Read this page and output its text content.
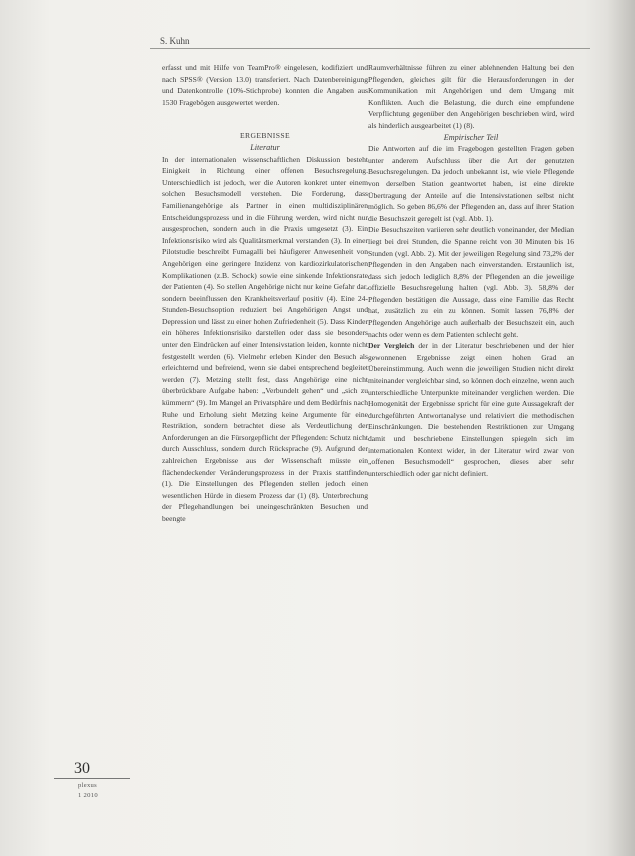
S. Kuhn

erfasst und mit Hilfe von TeamPro® eingelesen, kodifiziert und nach SPSS® (Version 13.0) transferiert. Nach Datenbereinigung und Datenkontrolle (10%-Stichprobe) konnten die Angaben aus 1530 Fragebögen ausgewertet werden.

ERGEBNISSE

Literatur

In der internationalen wissenschaftlichen Diskussion besteht Einigkeit in Richtung einer offenen Besuchsregelung. Unterschiedlich ist jedoch, wer die Autoren konkret unter einem solchen Besuchsmodell verstehen. Die Forderung, dass Familienangehörige als Partner in einen multidisziplinären Entscheidungsprozess und in die Führung werden, wird nicht nur ausgesprochen, sondern auch in die Praxis umgesetzt (3). Ein Infektionsrisiko wird als Qualitätsmerkmal verstanden (3). In einer Pilotstudie beschreibt Fumagalli bei häufigerer Anwesenheit von Angehörigen eine geringere Inzidenz von kardiozirkulatorischen Komplikationen (z.B. Schock) sowie eine sinkende Infektionsrate der Patienten (4). So stellen Angehörige nicht nur keine Gefahr dar, sondern beeinflussen den Krankheitsverlauf positiv (4). Eine 24-Stunden-Besuchsoption reduziert bei Angehörigen Angst und Depression und lässt zu einer hohen Zufriedenheit (5). Dass Kinder ein höheres Infektionsrisiko darstellen oder dass sie besonders unter den Eindrücken auf einer Intensivstation leiden, konnte nicht festgestellt werden (6). Vielmehr erleben Kinder den Besuch als erleichternd und befreiend, wenn sie dabei entsprechend begleitet werden (7). Metzing stellt fest, dass Angehörige eine nicht überbrückbare Aufgabe haben: „Verbundelt gehen“ und „sich zu kümmern“ (9). Im Mangel an Privatsphäre und dem Bedürfnis nach Ruhe und Erholung sieht Metzing keine Argumente für eine Restriktion, sondern betrachtet diese als Verdeutlichung der Anforderungen an die Fürsorgepflicht der Pflegenden: Schutz nicht durch Ausschluss, sondern durch Rücksprache (9). Aufgrund der zahlreichen Ergebnisse aus der Wissenschaft müsste ein flächendeckender Veränderungsprozess in der Praxis stattfinden (1). Die Einstellungen des Pflegenden stellen jedoch einen wesentlichen Hürde in diesem Prozess dar (1) (8). Unterbrechung der Pflegehandlungen bei uneingeschränkten Besuchen und beengte

Raumverhältnisse führen zu einer ablehnenden Haltung bei den Pflegenden, gleiches gilt für die Herausforderungen in der Kommunikation mit Angehörigen und dem Umgang mit Konflikten. Auch die Belastung, die durch eine empfundene Verpflichtung gegenüber den Angehörigen beschrieben wird, wird als hinderlich ausgearbeitet (1) (8).

Empirischer Teil

Die Antworten auf die im Fragebogen gestellten Fragen geben unter anderem Aufschluss über die Art der genutzten Besuchsregelungen. Da jedoch unbekannt ist, wie viele Pflegende von derselben Station geantwortet haben, ist eine direkte Übertragung der Anteile auf die Intensivstationen selbst nicht möglich. So geben 86,6% der Pflegenden an, dass auf ihrer Station die Besuchszeit geregelt ist (vgl. Abb. 1).

Die Besuchszeiten variieren sehr deutlich voneinander, der Median liegt bei drei Stunden, die Spanne reicht von 30 Minuten bis 16 Stunden (vgl. Abb. 2). Mit der jeweiligen Regelung sind 73,2% der Pflegenden in den Angaben nach einverstanden. Erstaunlich ist, dass sich jedoch lediglich 8,8% der Pflegenden an die jeweilige offizielle Besuchsregelung halten (vgl. Abb. 3). 58,8% der Pflegenden bestätigen die Aussage, dass eine Familie das Recht hat, zusätzlich zu ein zu können. Somit lassen 76,8% der Pflegenden Angehörige auch außerhalb der Besuchszeit ein, auch nachts oder wenn es dem Patienten schlecht geht.

Der Vergleich der in der Literatur beschriebenen und der hier gewonnenen Ergebnisse zeigt einen hohen Grad an Übereinstimmung. Auch wenn die jeweiligen Studien nicht direkt miteinander vergleichbar sind, so können doch einzelne, wenn auch unterschiedliche Unterpunkte miteinander verglichen werden. Die Homogenität der Ergebnisse spricht für eine gute Aussagekraft der durchgeführten Antwortanalyse und relativiert die methodischen Einschränkungen. Die bestehenden Restriktionen zur Umgang damit und beschriebene Einstellungen spiegeln sich im internationalen Kontext wider, in der Literatur wird zwar von „offenen Besuchsmodell“ gesprochen, dieses aber sehr unterschiedlich oder gar nicht definiert.

30
plexus
1 2010
